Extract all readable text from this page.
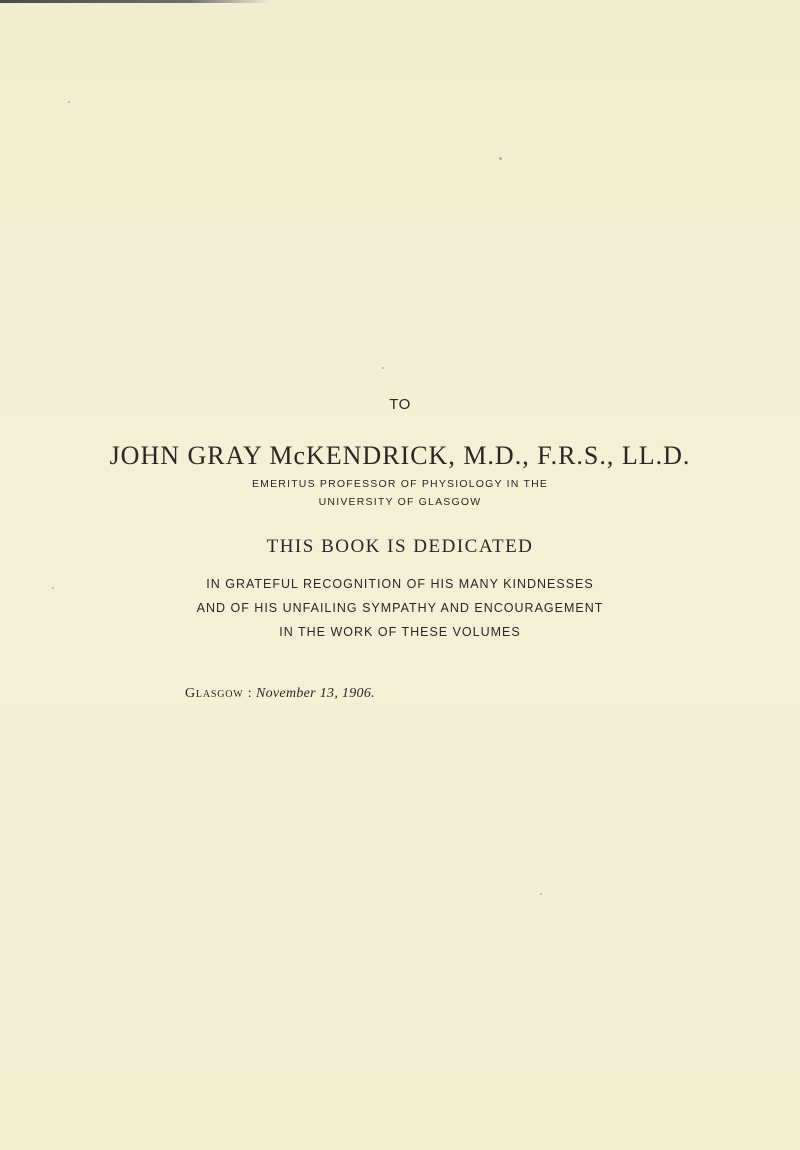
TO
JOHN GRAY McKENDRICK, M.D., F.R.S., LL.D.
EMERITUS PROFESSOR OF PHYSIOLOGY IN THE
UNIVERSITY OF GLASGOW
THIS BOOK IS DEDICATED
IN GRATEFUL RECOGNITION OF HIS MANY KINDNESSES
AND OF HIS UNFAILING SYMPATHY AND ENCOURAGEMENT
IN THE WORK OF THESE VOLUMES
Glasgow : November 13, 1906.
